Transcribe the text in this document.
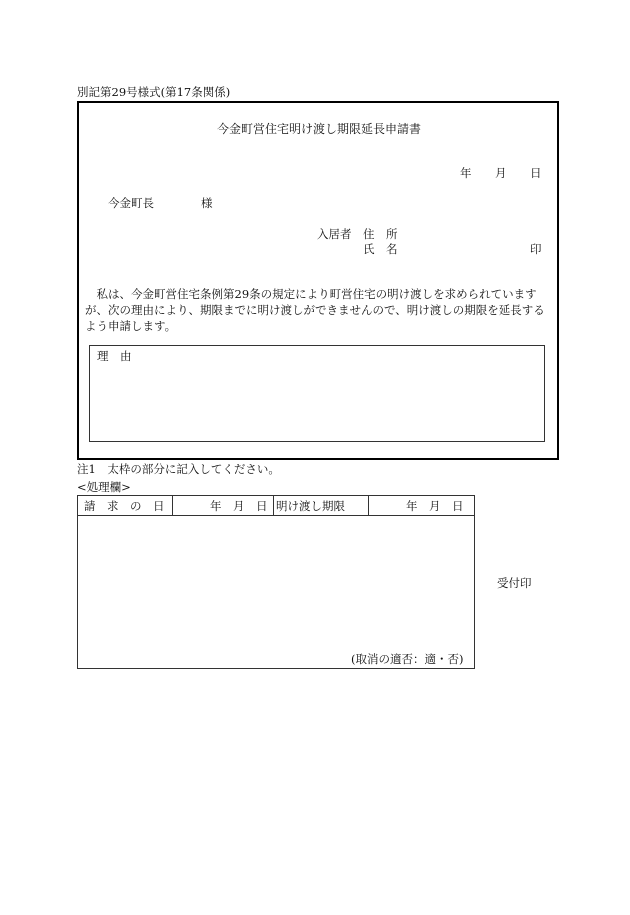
別記第29号様式(第17条関係)
今金町営住宅明け渡し期限延長申請書
年 月 日
今金町長	様
入居者 住　所
氏　名	印
私は、今金町営住宅条例第29条の規定により町営住宅の明け渡しを求められていますが、次の理由により、期限までに明け渡しができませんので、明け渡しの期限を延長するよう申請します。
理　由
注1　太枠の部分に記入してください。
<処理欄>
請　求　の　日	年　月　日 明け渡し期限	年　月　日
(取消の適否：適・否)
受付印
